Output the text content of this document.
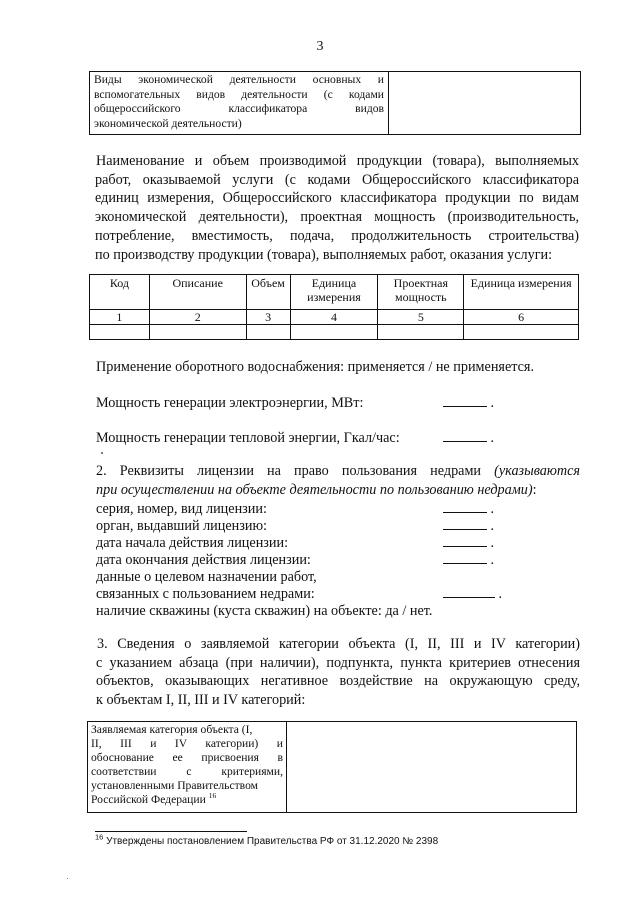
3
Виды экономической деятельности основных и
вспомогательных видов деятельности (с кодами
общероссийского классификатора видов
экономической деятельности)

Наименование и объем производимой продукции (товара), выполняемых
работ, оказываемой услуги (с кодами Общероссийского классификатора
единиц измерения, Общероссийского классификатора продукции по видам
экономической деятельности), проектная мощность (производительность,
потребление, вместимость, подача, продолжительность строительства)
по производству продукции (товара), выполняемых работ, оказания услуги:
Код	Описание	Объем	Единица измерения	Проектная мощность	Единица измерения
1	2	3	4	5	6

Применение оборотного водоснабжения: применяется / не применяется.
Мощность генерации электроэнергии, МВт:	.
Мощность генерации тепловой энергии, Гкал/час:	.
2. Реквизиты лицензии на право пользования недрами (указываются
при осуществлении на объекте деятельности по пользованию недрами):
серия, номер, вид лицензии:	.
орган, выдавший лицензию:	.
дата начала действия лицензии:	.
дата окончания действия лицензии:	.
данные о целевом назначении работ,
связанных с пользованием недрами:	.
наличие скважины (куста скважин) на объекте: да / нет.
3. Сведения о заявляемой категории объекта (I, II, III и IV категории)
с указанием абзаца (при наличии), подпункта, пункта критериев отнесения
объектов, оказывающих негативное воздействие на окружающую среду,
к объектам I, II, III и IV категорий:
Заявляемая категория объекта (I,
II, III и IV категории) и
обоснование ее присвоения в
соответствии с критериями,
установленными Правительством
Российской Федерации $^{16}$

$^{16}$ Утверждены постановлением Правительства РФ от 31.12.2020 № 2398
